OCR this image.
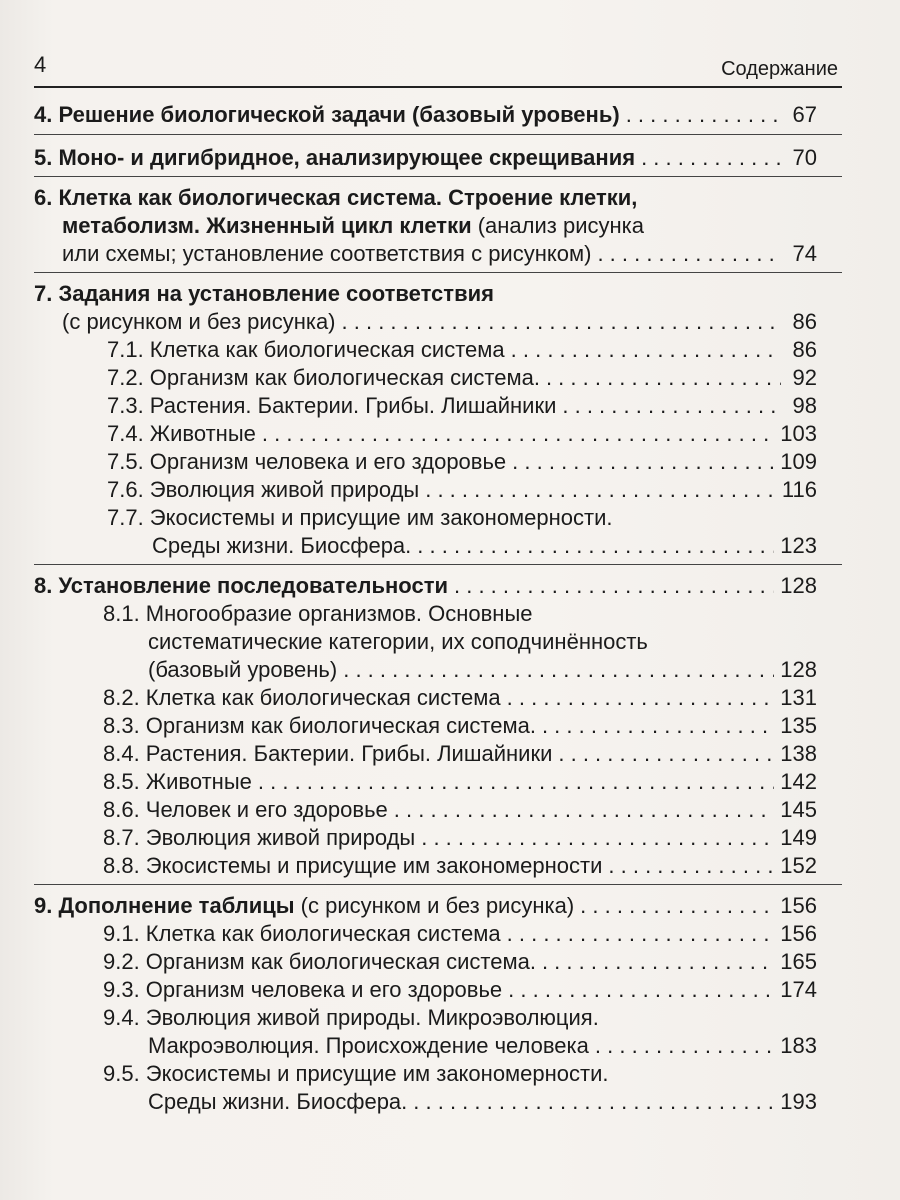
4	Содержание
4. Решение биологической задачи (базовый уровень) . . .	67
5. Моно- и дигибридное, анализирующее скрещивания . . .	70
6. Клетка как биологическая система. Строение клетки,
метаболизм. Жизненный цикл клетки (анализ рисунка
или схемы; установление соответствия с рисунком) . . .	74
7. Задания на установление соответствия
(с рисунком и без рисунка) . . .	86
7.1. Клетка как биологическая система . . .	86
7.2. Организм как биологическая система. . . .	92
7.3. Растения. Бактерии. Грибы. Лишайники . . .	98
7.4. Животные . . .	103
7.5. Организм человека и его здоровье . . .	109
7.6. Эволюция живой природы . . .	116
7.7. Экосистемы и присущие им закономерности.
Среды жизни. Биосфера. . . .	123
8. Установление последовательности . . .	128
8.1. Многообразие организмов. Основные
систематические категории, их соподчинённость
(базовый уровень) . . .	128
8.2. Клетка как биологическая система . . .	131
8.3. Организм как биологическая система. . . .	135
8.4. Растения. Бактерии. Грибы. Лишайники . . .	138
8.5. Животные . . .	142
8.6. Человек и его здоровье . . .	145
8.7. Эволюция живой природы . . .	149
8.8. Экосистемы и присущие им закономерности . . .	152
9. Дополнение таблицы (с рисунком и без рисунка) . . .	156
9.1. Клетка как биологическая система . . .	156
9.2. Организм как биологическая система. . . .	165
9.3. Организм человека и его здоровье . . .	174
9.4. Эволюция живой природы. Микроэволюция.
Макроэволюция. Происхождение человека . . .	183
9.5. Экосистемы и присущие им закономерности.
Среды жизни. Биосфера. . . .	193
